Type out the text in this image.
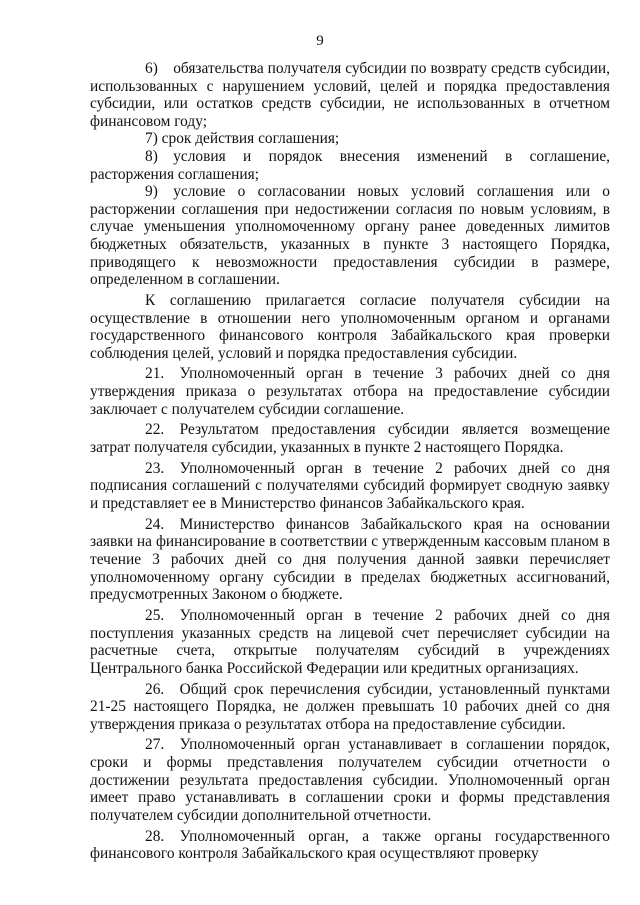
9

6) обязательства получателя субсидии по возврату средств субсидии, использованных с нарушением условий, целей и порядка предоставления субсидии, или остатков средств субсидии, не использованных в отчетном финансовом году;

7) срок действия соглашения;

8) условия и порядок внесения изменений в соглашение, расторжения соглашения;

9) условие о согласовании новых условий соглашения или о расторжении соглашения при недостижении согласия по новым условиям, в случае уменьшения уполномоченному органу ранее доведенных лимитов бюджетных обязательств, указанных в пункте 3 настоящего Порядка, приводящего к невозможности предоставления субсидии в размере, определенном в соглашении.

К соглашению прилагается согласие получателя субсидии на осуществление в отношении него уполномоченным органом и органами государственного финансового контроля Забайкальского края проверки соблюдения целей, условий и порядка предоставления субсидии.

21. Уполномоченный орган в течение 3 рабочих дней со дня утверждения приказа о результатах отбора на предоставление субсидии заключает с получателем субсидии соглашение.

22. Результатом предоставления субсидии является возмещение затрат получателя субсидии, указанных в пункте 2 настоящего Порядка.

23. Уполномоченный орган в течение 2 рабочих дней со дня подписания соглашений с получателями субсидий формирует сводную заявку и представляет ее в Министерство финансов Забайкальского края.

24. Министерство финансов Забайкальского края на основании заявки на финансирование в соответствии с утвержденным кассовым планом в течение 3 рабочих дней со дня получения данной заявки перечисляет уполномоченному органу субсидии в пределах бюджетных ассигнований, предусмотренных Законом о бюджете.

25. Уполномоченный орган в течение 2 рабочих дней со дня поступления указанных средств на лицевой счет перечисляет субсидии на расчетные счета, открытые получателям субсидий в учреждениях Центрального банка Российской Федерации или кредитных организациях.

26. Общий срок перечисления субсидии, установленный пунктами 21-25 настоящего Порядка, не должен превышать 10 рабочих дней со дня утверждения приказа о результатах отбора на предоставление субсидии.

27. Уполномоченный орган устанавливает в соглашении порядок, сроки и формы представления получателем субсидии отчетности о достижении результата предоставления субсидии. Уполномоченный орган имеет право устанавливать в соглашении сроки и формы представления получателем субсидии дополнительной отчетности.

28. Уполномоченный орган, а также органы государственного финансового контроля Забайкальского края осуществляют проверку
